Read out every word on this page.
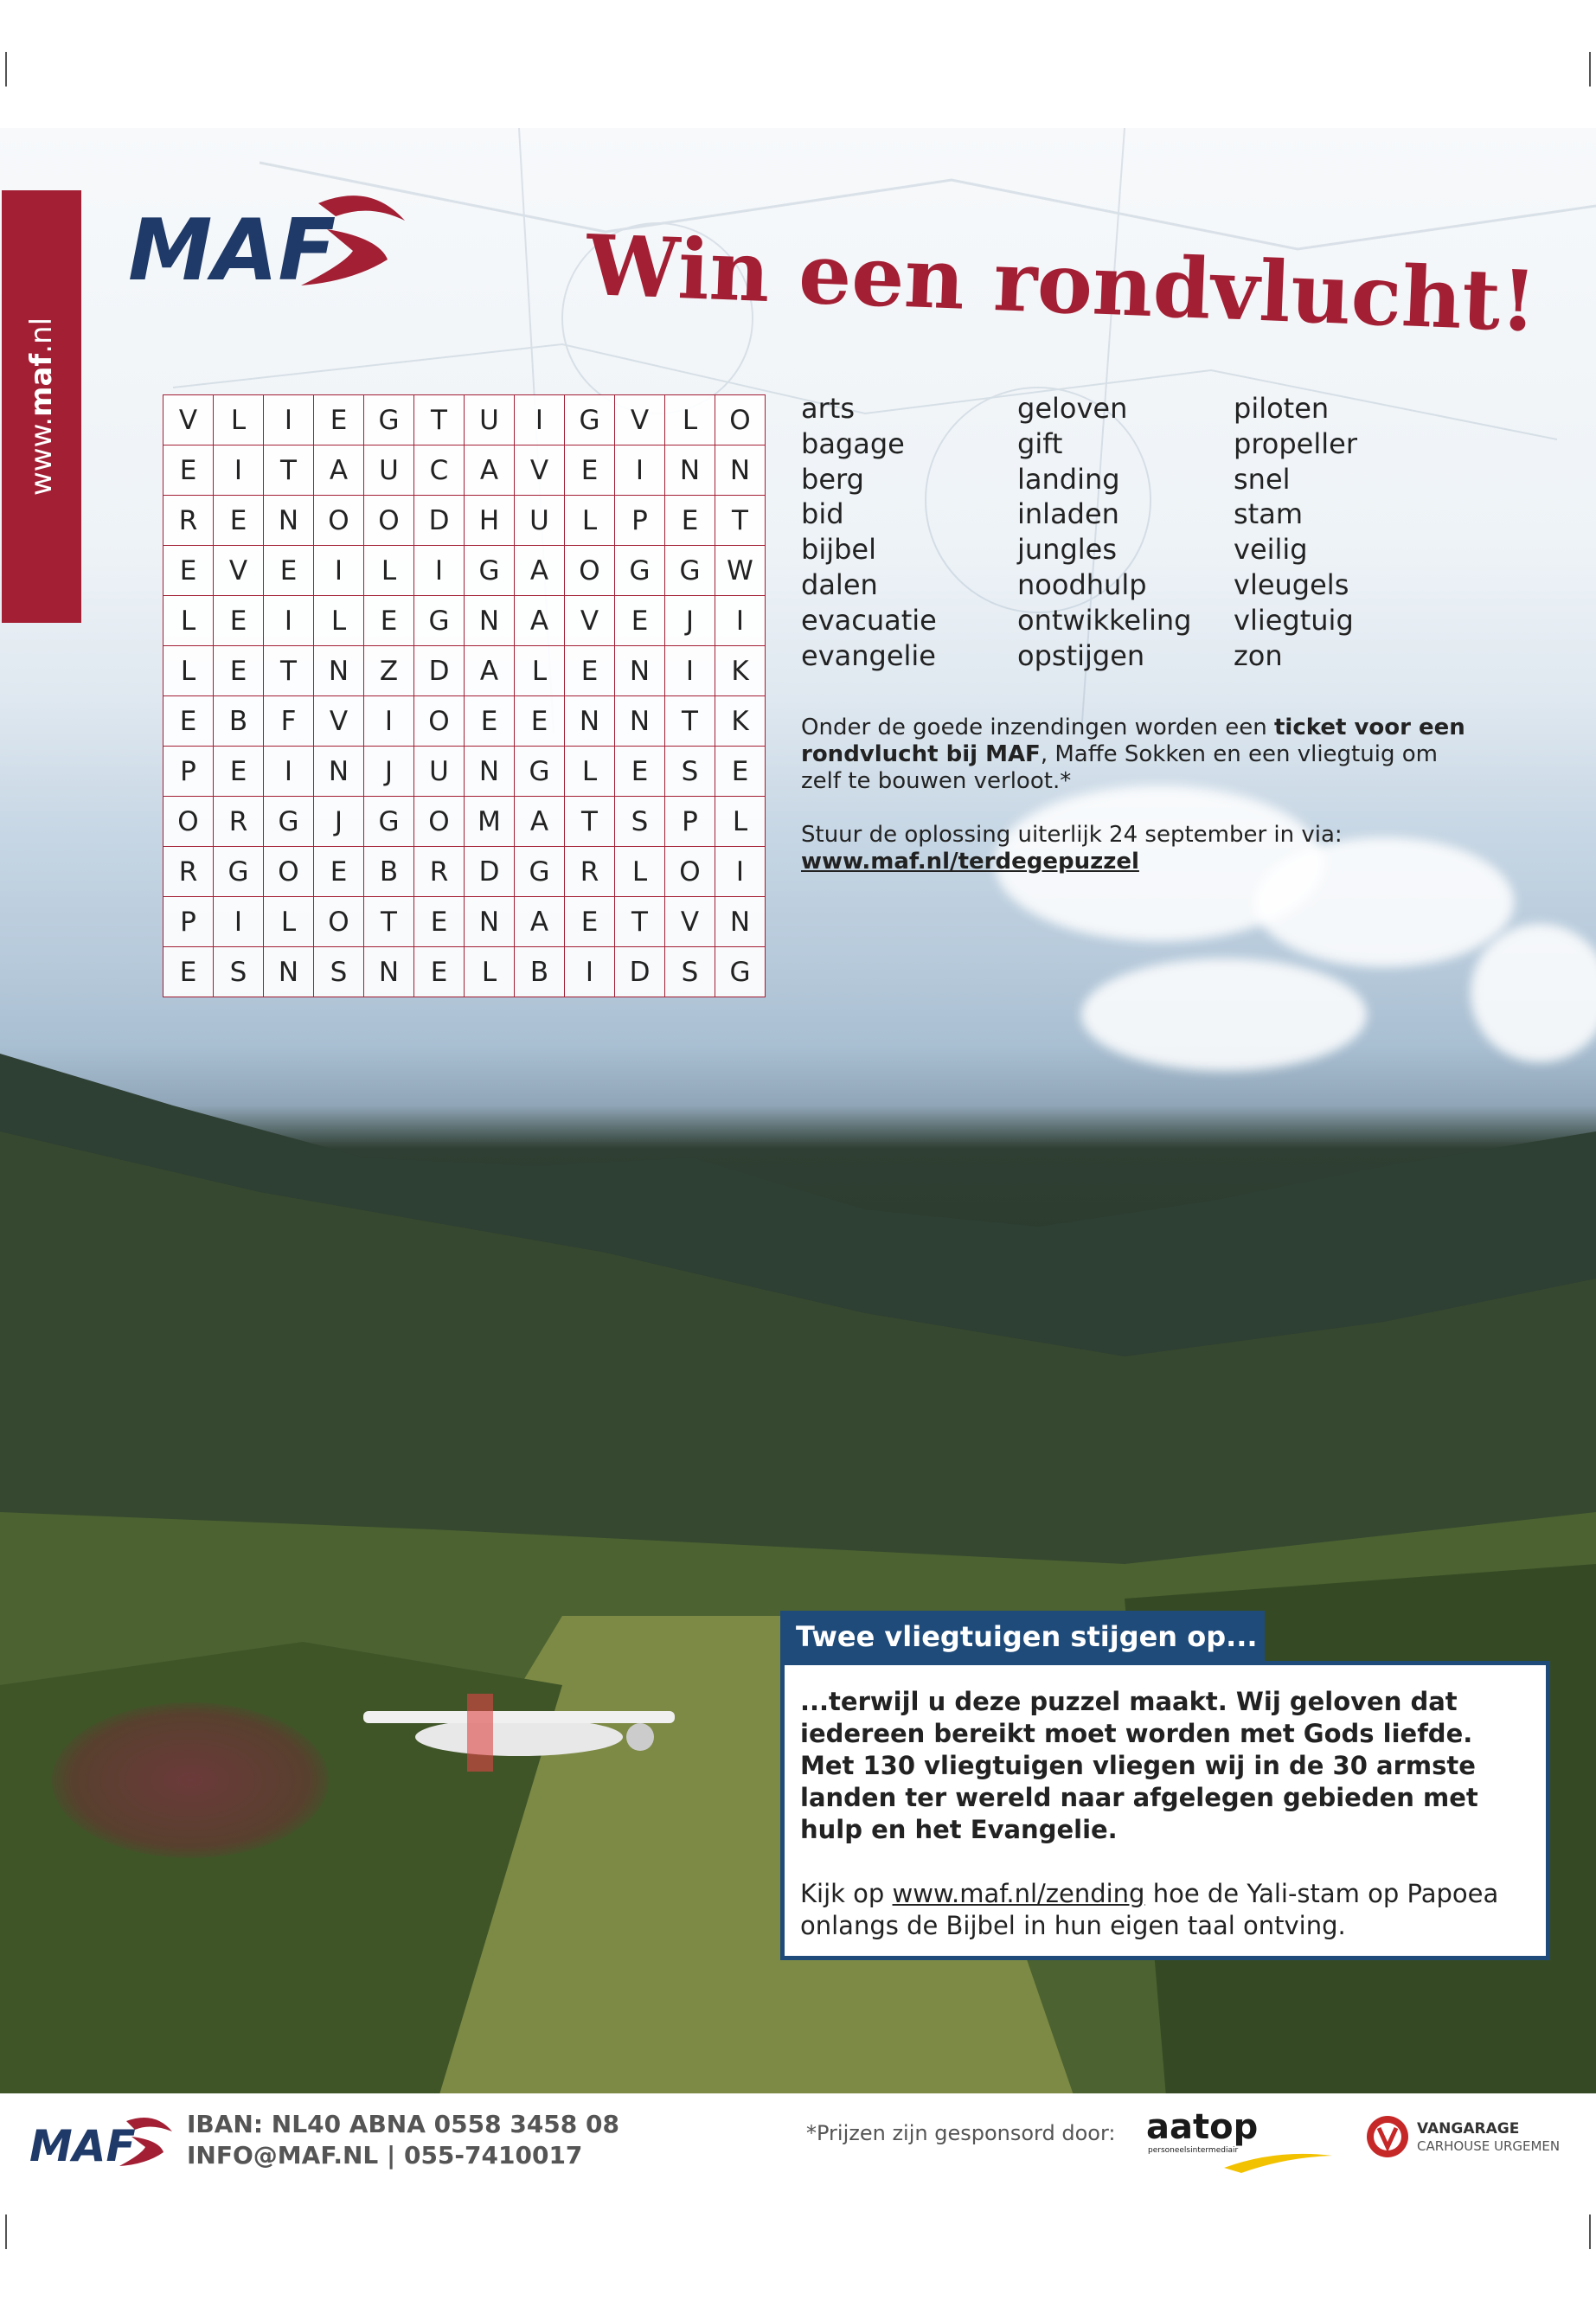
www.maf.nl
MAF	Win een rondvlucht!
V	L	I	E	G	T	U	I	G	V	L	O
E	I	T	A	U	C	A	V	E	I	N	N
R	E	N	O	O	D	H	U	L	P	E	T
E	V	E	I	L	I	G	A	O	G	G	W
L	E	I	L	E	G	N	A	V	E	J	I
L	E	T	N	Z	D	A	L	E	N	I	K
E	B	F	V	I	O	E	E	N	N	T	K
P	E	I	N	J	U	N	G	L	E	S	E
O	R	G	J	G	O	M	A	T	S	P	L
R	G	O	E	B	R	D	G	R	L	O	I
P	I	L	O	T	E	N	A	E	T	V	N
E	S	N	S	N	E	L	B	I	D	S	G
arts
bagage
berg
bid
bijbel
dalen
evacuatie
evangelie
geloven
gift
landing
inladen
jungles
noodhulp
ontwikkeling
opstijgen
piloten
propeller
snel
stam
veilig
vleugels
vliegtuig
zon
Onder de goede inzendingen worden een ticket voor een rondvlucht bij MAF, Maffe Sokken en een vliegtuig om zelf te bouwen verloot.*
Stuur de oplossing uiterlijk 24 september in via:
www.maf.nl/terdegepuzzel
Twee vliegtuigen stijgen op...
...terwijl u deze puzzel maakt. Wij geloven dat iedereen bereikt moet worden met Gods liefde. Met 130 vliegtuigen vliegen wij in de 30 armste landen ter wereld naar afgelegen gebieden met hulp en het Evangelie.
Kijk op www.maf.nl/zending hoe de Yali-stam op Papoea onlangs de Bijbel in hun eigen taal ontving.
MAF IBAN: NL40 ABNA 0558 3458 08
INFO@MAF.NL | 055-7410017
*Prijzen zijn gesponsord door: aatop
personeelsintermediair
VANGARAGE
CARHOUSE URGEMEN
